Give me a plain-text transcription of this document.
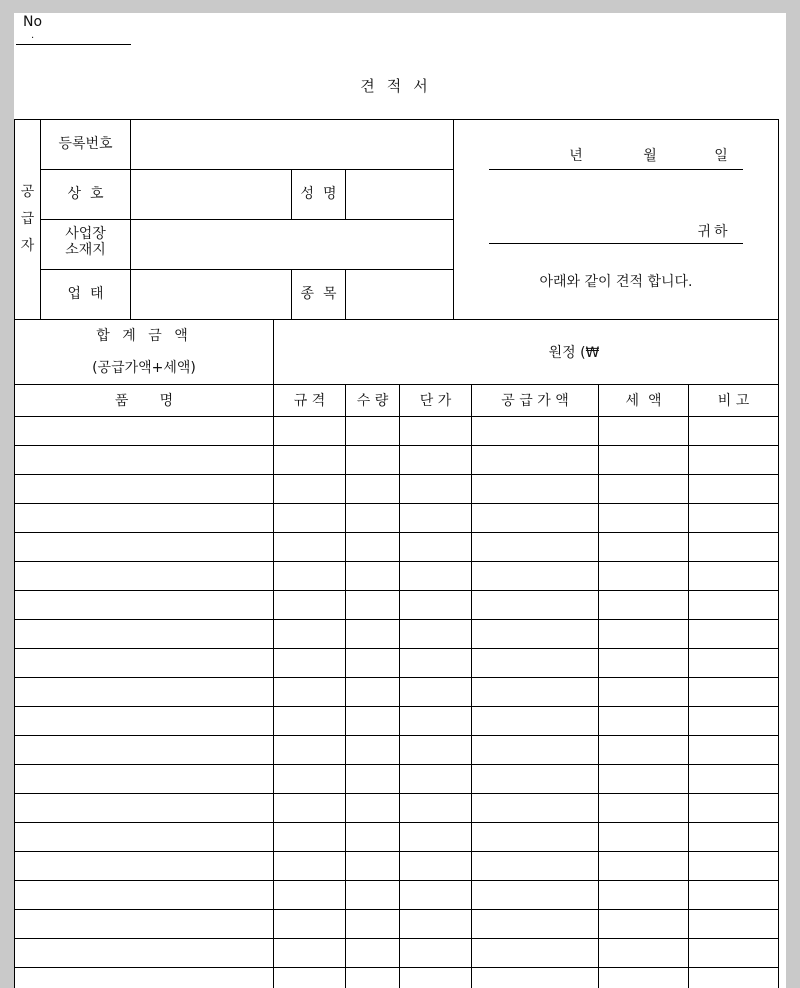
No
.
견적서
공
급
자
등록번호
상  호	성  명
사업장
소재지
업  태	종  목
년	월	일
귀하
아래와 같이 견적 합니다.
합 계 금 액
(공급가액+세액)
원정 (₩
품       명	규 격	수 량	단 가	공 급 가 액	세  액	비 고
